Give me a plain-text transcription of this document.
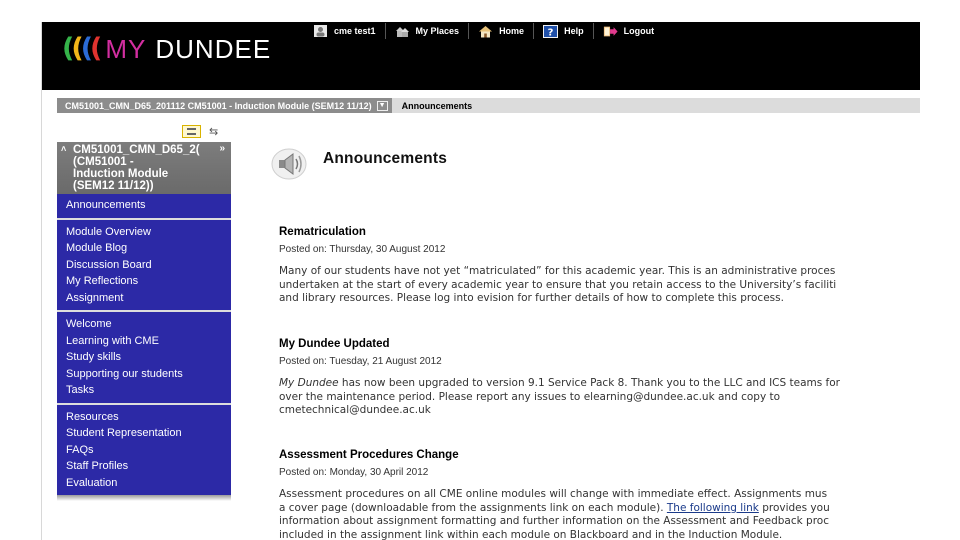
(
(
(
( MY DUNDEE
cme test1	My Places	Home ? Help	Logout
CM51001_CMN_D65_201112 CM51001 - Induction Module (SEM12 11/12) ▼	Announcements
⇆
˄	»
CM51001_CMN_D65_2(
(CM51001 -
Induction Module
(SEM12 11/12))
Announcements
Module Overview
Module Blog
Discussion Board
My Reflections
Assignment
Welcome
Learning with CME
Study skills
Supporting our students
Tasks
Resources
Student Representation
FAQs
Staff Profiles
Evaluation
Announcements
Rematriculation
Posted on: Thursday, 30 August 2012
Many of our students have not yet “matriculated” for this academic year. This is an administrative proces
undertaken at the start of every academic year to ensure that you retain access to the University’s faciliti
and library resources. Please log into evision for further details of how to complete this process.
My Dundee Updated
Posted on: Tuesday, 21 August 2012
My Dundee has now been upgraded to version 9.1 Service Pack 8. Thank you to the LLC and ICS teams for
over the maintenance period. Please report any issues to elearning@dundee.ac.uk and copy to
cmetechnical@dundee.ac.uk
Assessment Procedures Change
Posted on: Monday, 30 April 2012
Assessment procedures on all CME online modules will change with immediate effect. Assignments mus
a cover page (downloadable from the assignments link on each module). The following link provides you
information about assignment formatting and further information on the Assessment and Feedback proc
included in the assignment link within each module on Blackboard and in the Induction Module.
